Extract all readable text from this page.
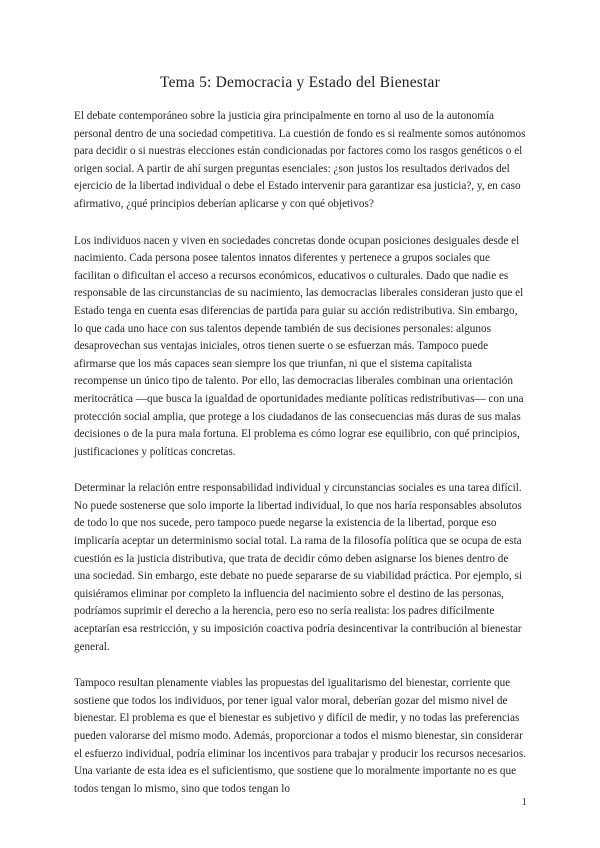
Tema 5: Democracia y Estado del Bienestar

El debate contemporáneo sobre la justicia gira principalmente en torno al uso de la autonomía personal dentro de una sociedad competitiva. La cuestión de fondo es si realmente somos autónomos para decidir o si nuestras elecciones están condicionadas por factores como los rasgos genéticos o el origen social. A partir de ahí surgen preguntas esenciales: ¿son justos los resultados derivados del ejercicio de la libertad individual o debe el Estado intervenir para garantizar esa justicia?, y, en caso afirmativo, ¿qué principios deberían aplicarse y con qué objetivos?

Los individuos nacen y viven en sociedades concretas donde ocupan posiciones desiguales desde el nacimiento. Cada persona posee talentos innatos diferentes y pertenece a grupos sociales que facilitan o dificultan el acceso a recursos económicos, educativos o culturales. Dado que nadie es responsable de las circunstancias de su nacimiento, las democracias liberales consideran justo que el Estado tenga en cuenta esas diferencias de partida para guiar su acción redistributiva. Sin embargo, lo que cada uno hace con sus talentos depende también de sus decisiones personales: algunos desaprovechan sus ventajas iniciales, otros tienen suerte o se esfuerzan más. Tampoco puede afirmarse que los más capaces sean siempre los que triunfan, ni que el sistema capitalista recompense un único tipo de talento. Por ello, las democracias liberales combinan una orientación meritocrática —que busca la igualdad de oportunidades mediante políticas redistributivas— con una protección social amplia, que protege a los ciudadanos de las consecuencias más duras de sus malas decisiones o de la pura mala fortuna. El problema es cómo lograr ese equilibrio, con qué principios, justificaciones y políticas concretas.

Determinar la relación entre responsabilidad individual y circunstancias sociales es una tarea difícil. No puede sostenerse que solo importe la libertad individual, lo que nos haría responsables absolutos de todo lo que nos sucede, pero tampoco puede negarse la existencia de la libertad, porque eso implicaría aceptar un determinismo social total. La rama de la filosofía política que se ocupa de esta cuestión es la justicia distributiva, que trata de decidir cómo deben asignarse los bienes dentro de una sociedad. Sin embargo, este debate no puede separarse de su viabilidad práctica. Por ejemplo, si quisiéramos eliminar por completo la influencia del nacimiento sobre el destino de las personas, podríamos suprimir el derecho a la herencia, pero eso no sería realista: los padres difícilmente aceptarían esa restricción, y su imposición coactiva podría desincentivar la contribución al bienestar general.

Tampoco resultan plenamente viables las propuestas del igualitarismo del bienestar, corriente que sostiene que todos los individuos, por tener igual valor moral, deberían gozar del mismo nivel de bienestar. El problema es que el bienestar es subjetivo y difícil de medir, y no todas las preferencias pueden valorarse del mismo modo. Además, proporcionar a todos el mismo bienestar, sin considerar el esfuerzo individual, podría eliminar los incentivos para trabajar y producir los recursos necesarios. Una variante de esta idea es el suficientismo, que sostiene que lo moralmente importante no es que todos tengan lo mismo, sino que todos tengan lo

1
